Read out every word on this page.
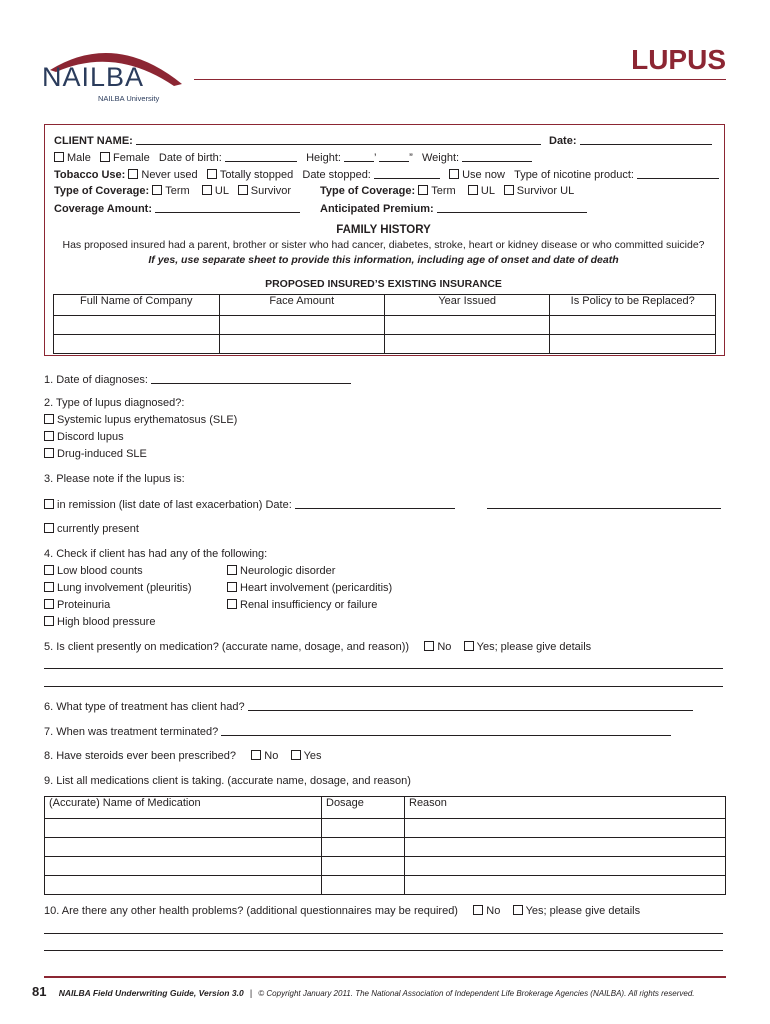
NAILBA
NAILBA University
LUPUS
CLIENT NAME:	Date:
Male Female Date of birth:	Height:	’	” Weight:
Tobacco Use: Never used Totally stopped Date stopped:	Use now Type of nicotine product:
Type of Coverage: Term UL Survivor	Type of Coverage: Term UL Survivor UL
Coverage Amount:	Anticipated Premium:
FAMILY HISTORY
Has proposed insured had a parent, brother or sister who had cancer, diabetes, stroke, heart or kidney disease or who committed suicide?
If yes, use separate sheet to provide this information, including age of onset and date of death
PROPOSED INSURED’S EXISTING INSURANCE
Full Name of Company	Face Amount	Year Issued	Is Policy to be Replaced?

1. Date of diagnoses:
2. Type of lupus diagnosed?:
Systemic lupus erythematosus (SLE)
Discord lupus
Drug-induced SLE
3. Please note if the lupus is:
in remission (list date of last exacerbation) Date:
currently present
4. Check if client has had any of the following:
Low blood counts
Lung involvement (pleuritis)
Proteinuria
High blood pressure
Neurologic disorder
Heart involvement (pericarditis)
Renal insufficiency or failure
5. Is client presently on medication? (accurate name, dosage, and reason))	No Yes; please give details
6. What type of treatment has client had?
7. When was treatment terminated?
8. Have steroids ever been prescribed?	No Yes
9. List all medications client is taking. (accurate name, dosage, and reason)
(Accurate) Name of Medication	Dosage	Reason

10. Are there any other health problems? (additional questionnaires may be required)	No Yes; please give details
81 NAILBA Field Underwriting Guide, Version 3.0 | © Copyright January 2011. The National Association of Independent Life Brokerage Agencies (NAILBA). All rights reserved.
